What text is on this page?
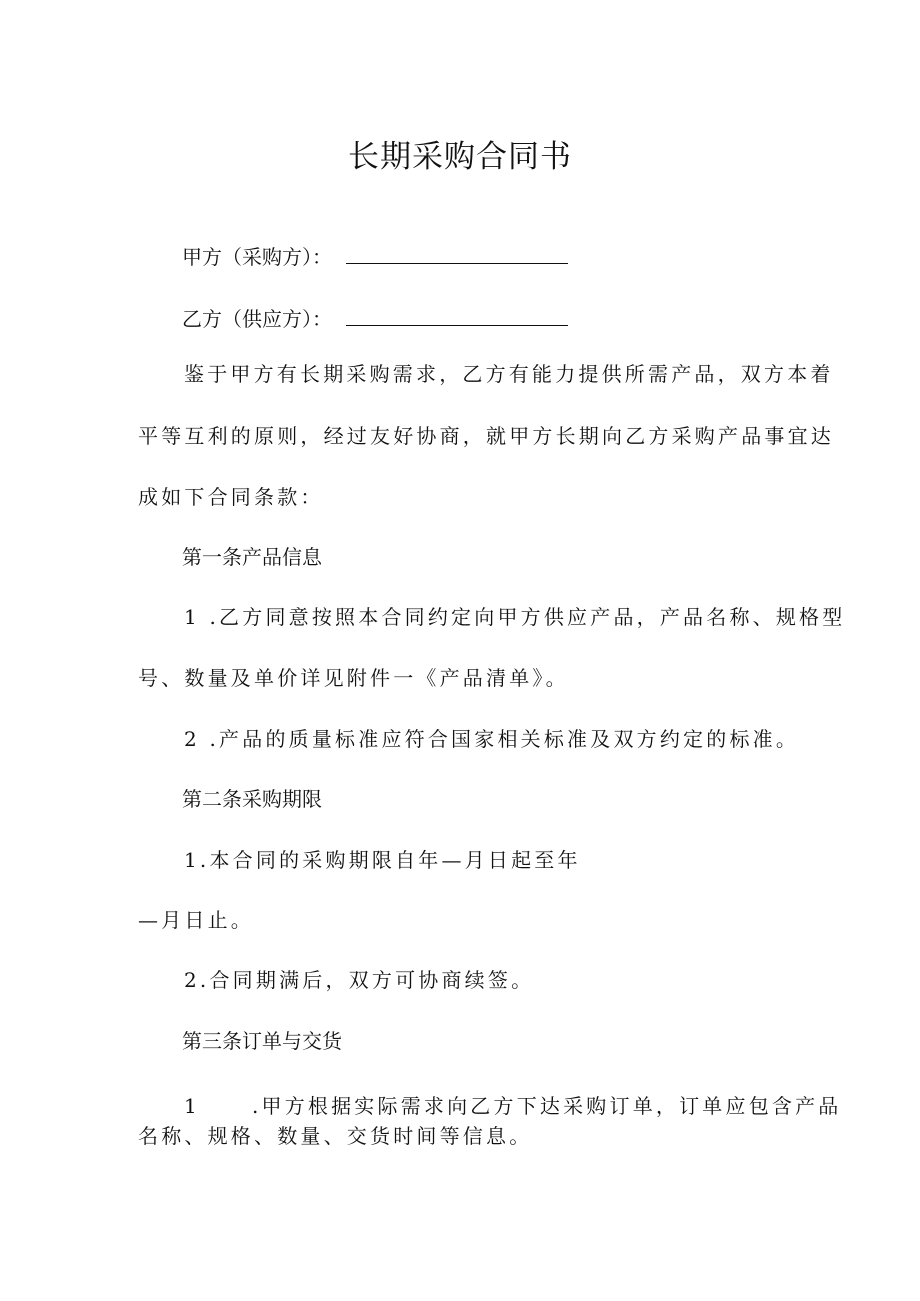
长期采购合同书
甲方（采购方）：
乙方（供应方）：
鉴于甲方有长期采购需求，乙方有能力提供所需产品，双方本着
平等互利的原则，经过友好协商，就甲方长期向乙方采购产品事宜达
成如下合同条款：
第一条产品信息
1 .乙方同意按照本合同约定向甲方供应产品，产品名称、规格型
号、数量及单价详见附件一《产品清单》。
2 .产品的质量标准应符合国家相关标准及双方约定的标准。
第二条采购期限
1.本合同的采购期限自年—月日起至年
—月日止。
2.合同期满后，双方可协商续签。
第三条订单与交货
1	.甲方根据实际需求向乙方下达采购订单，订单应包含产品
名称、规格、数量、交货时间等信息。
